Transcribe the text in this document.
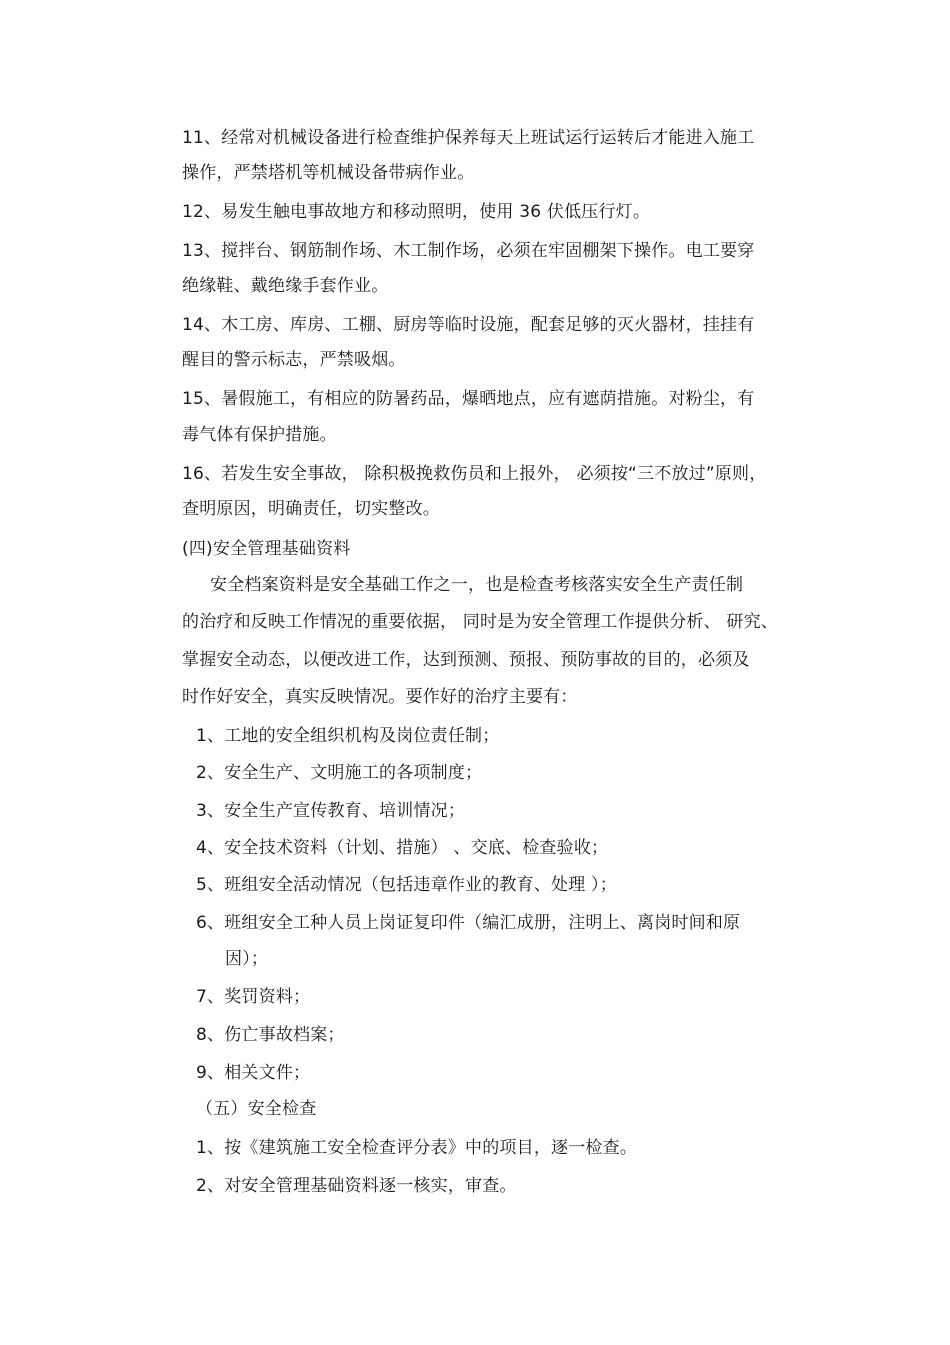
11、经常对机械设备进行检查维护保养每天上班试运行运转后才能进入施工
操作，严禁塔机等机械设备带病作业。
12、易发生触电事故地方和移动照明，使用 36 伏低压行灯。
13、搅拌台、钢筋制作场、木工制作场，必须在牢固棚架下操作。电工要穿
绝缘鞋、戴绝缘手套作业。
14、木工房、库房、工棚、厨房等临时设施，配套足够的灭火器材，挂挂有
醒目的警示标志，严禁吸烟。
15、暑假施工，有相应的防暑药品，爆晒地点，应有遮荫措施。对粉尘，有
毒气体有保护措施。
16、若发生安全事故， 除积极挽救伤员和上报外， 必须按“三不放过”原则，
查明原因，明确责任，切实整改。
(四)安全管理基础资料
安全档案资料是安全基础工作之一，也是检查考核落实安全生产责任制
的治疗和反映工作情况的重要依据， 同时是为安全管理工作提供分析、 研究、
掌握安全动态，以便改进工作，达到预测、预报、预防事故的目的，必须及
时作好安全，真实反映情况。要作好的治疗主要有：
1、工地的安全组织机构及岗位责任制；
2、安全生产、文明施工的各项制度；
3、安全生产宣传教育、培训情况；
4、安全技术资料（计划、措施） 、交底、检查验收；
5、班组安全活动情况（包括违章作业的教育、处理 ）；
6、班组安全工种人员上岗证复印件（编汇成册，注明上、离岗时间和原
因）；
7、奖罚资料；
8、伤亡事故档案；
9、相关文件；
（五）安全检查
1、按《建筑施工安全检查评分表》中的项目，逐一检查。
2、对安全管理基础资料逐一核实，审查。
